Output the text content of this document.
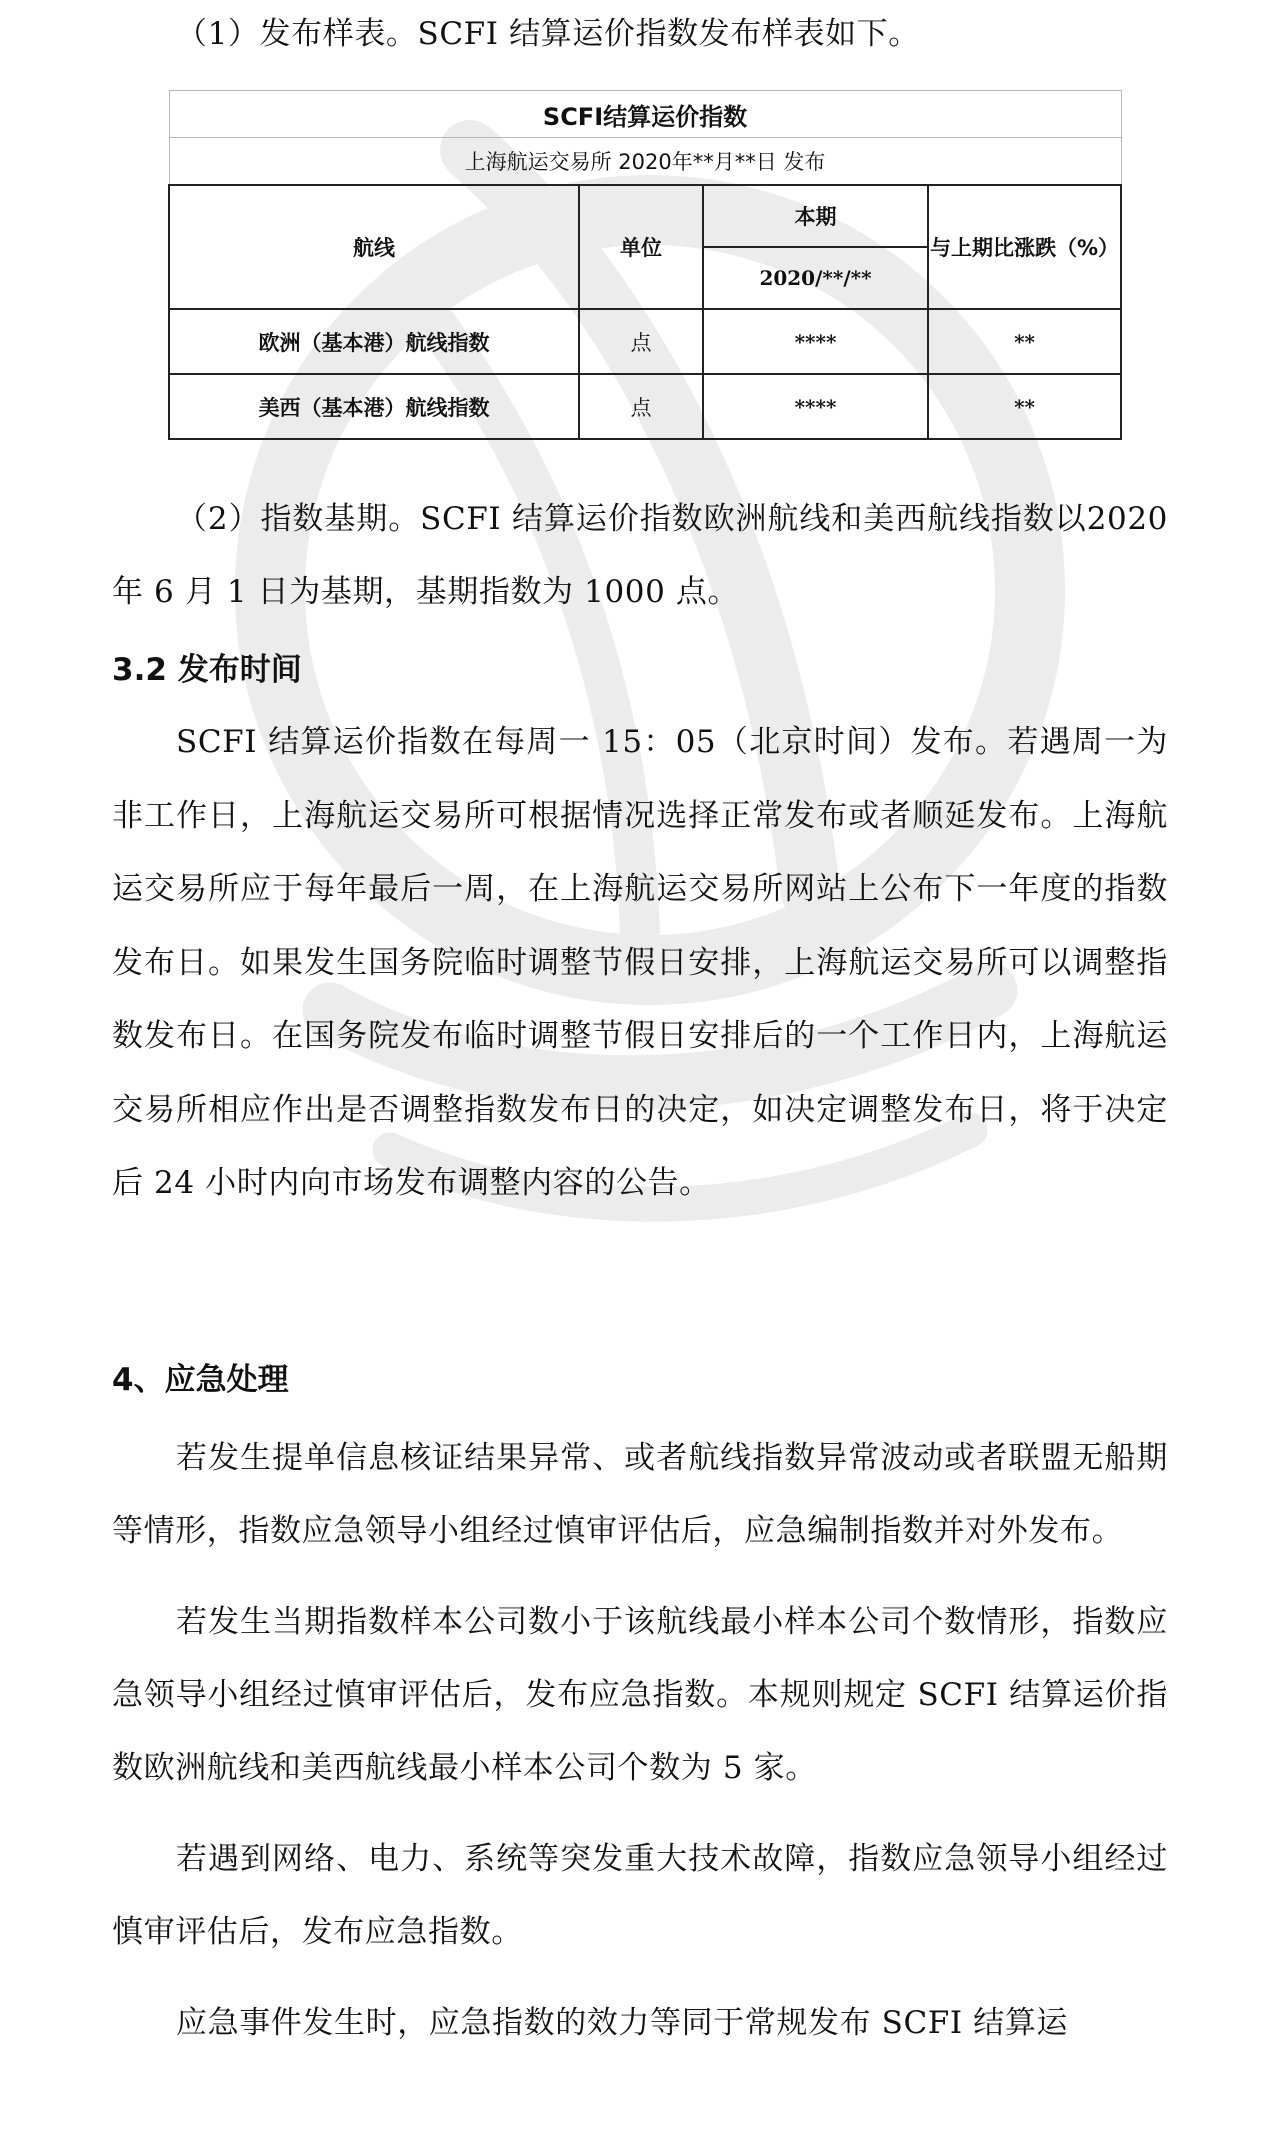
（1）发布样表。SCFI 结算运价指数发布样表如下。

SCFI结算运价指数			
上海航运交易所 2020年**月**日 发布			
航线	单位	本期	与上期比涨跌（%）
		2020/**/**	
欧洲（基本港）航线指数	点	****	**
美西（基本港）航线指数	点	****	**

（2）指数基期。SCFI 结算运价指数欧洲航线和美西航线指数以2020 年 6 月 1 日为基期，基期指数为 1000 点。

3.2 发布时间

SCFI 结算运价指数在每周一 15：05（北京时间）发布。若遇周一为非工作日，上海航运交易所可根据情况选择正常发布或者顺延发布。上海航运交易所应于每年最后一周，在上海航运交易所网站上公布下一年度的指数发布日。如果发生国务院临时调整节假日安排，上海航运交易所可以调整指数发布日。在国务院发布临时调整节假日安排后的一个工作日内，上海航运交易所相应作出是否调整指数发布日的决定，如决定调整发布日，将于决定后 24 小时内向市场发布调整内容的公告。

4、应急处理

若发生提单信息核证结果异常、或者航线指数异常波动或者联盟无船期等情形，指数应急领导小组经过慎审评估后，应急编制指数并对外发布。

若发生当期指数样本公司数小于该航线最小样本公司个数情形，指数应急领导小组经过慎审评估后，发布应急指数。本规则规定 SCFI 结算运价指数欧洲航线和美西航线最小样本公司个数为 5 家。

若遇到网络、电力、系统等突发重大技术故障，指数应急领导小组经过慎审评估后，发布应急指数。

应急事件发生时，应急指数的效力等同于常规发布 SCFI 结算运
